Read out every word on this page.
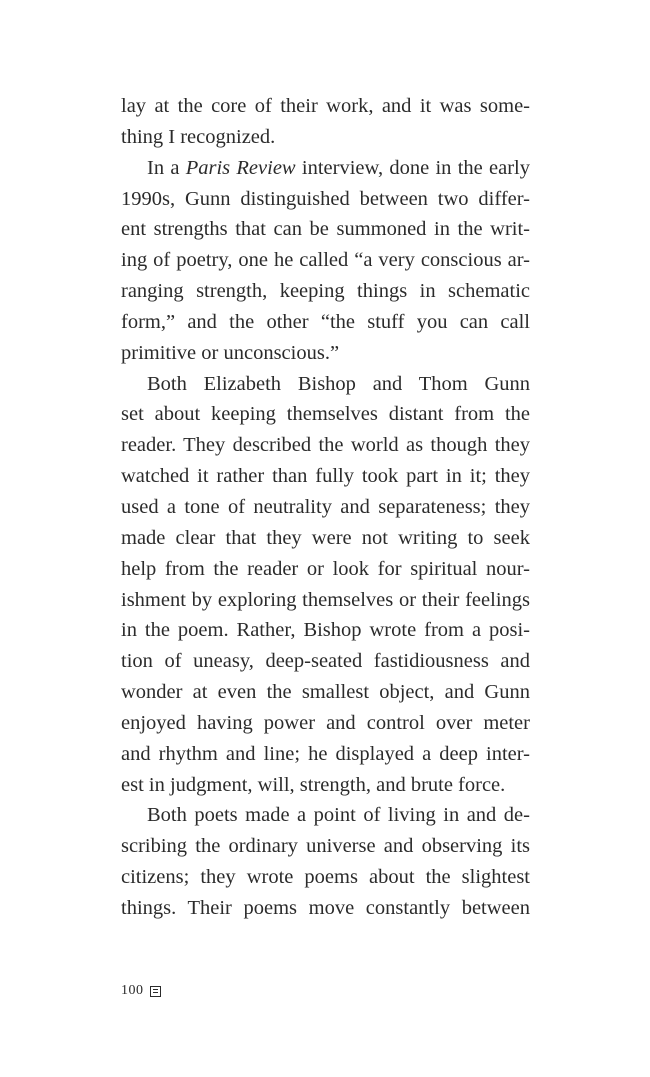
lay at the core of their work, and it was some-
thing I recognized.
In a Paris Review interview, done in the early
1990s, Gunn distinguished between two differ-
ent strengths that can be summoned in the writ-
ing of poetry, one he called “a very conscious ar-
ranging strength, keeping things in schematic
form,” and the other “the stuff you can call
primitive or unconscious.”
Both Elizabeth Bishop and Thom Gunn
set about keeping themselves distant from the
reader. They described the world as though they
watched it rather than fully took part in it; they
used a tone of neutrality and separateness; they
made clear that they were not writing to seek
help from the reader or look for spiritual nour-
ishment by exploring themselves or their feelings
in the poem. Rather, Bishop wrote from a posi-
tion of uneasy, deep-seated fastidiousness and
wonder at even the smallest object, and Gunn
enjoyed having power and control over meter
and rhythm and line; he displayed a deep inter-
est in judgment, will, strength, and brute force.
Both poets made a point of living in and de-
scribing the ordinary universe and observing its
citizens; they wrote poems about the slightest
things. Their poems move constantly between
100
